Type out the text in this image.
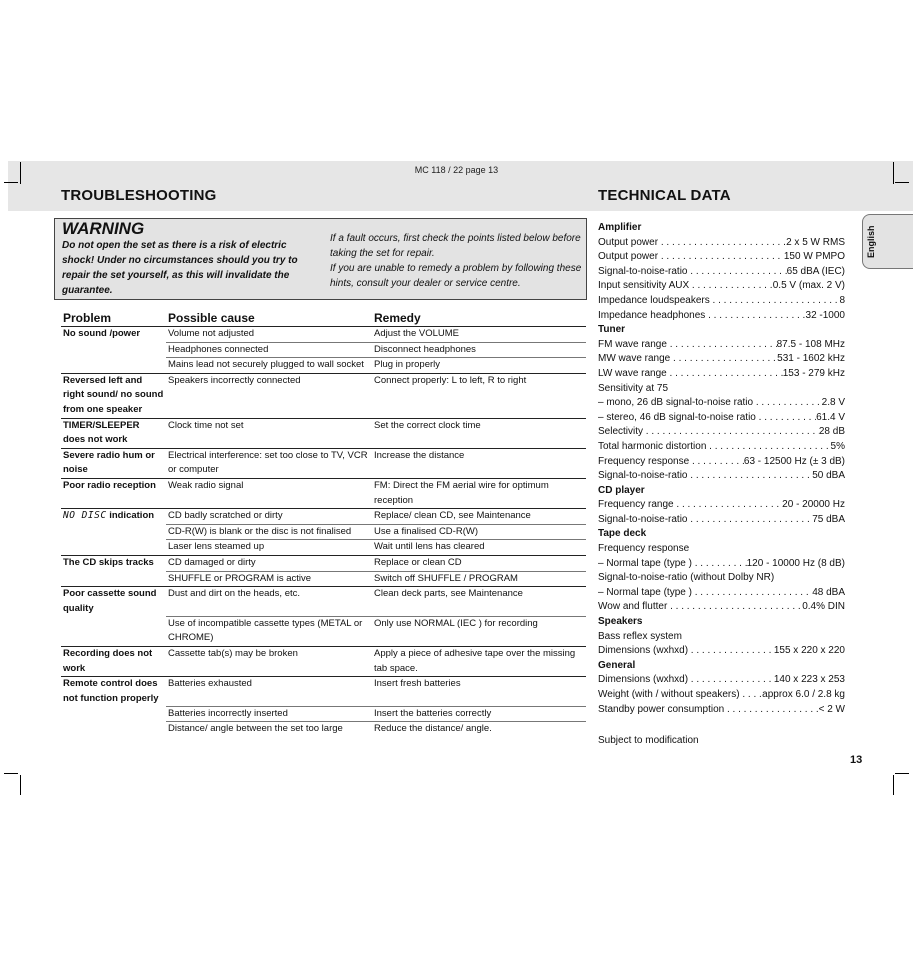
MC 118 / 22 page 13
TROUBLESHOOTING	TECHNICAL DATA
WARNING
Do not open the set as there is a risk of electric shock! Under no circumstances should you try to repair the set yourself, as this will invalidate the guarantee.
If a fault occurs, first check the points listed below before taking the set for repair.
If you are unable to remedy a problem by following these hints, consult your dealer or service centre.
Problem	Possible cause	Remedy
No sound /power	Volume not adjusted	Adjust the VOLUME
	Headphones connected	Disconnect headphones
	Mains lead not securely plugged to wall socket	Plug in properly
Reversed left and right sound/ no sound from one speaker	Speakers incorrectly connected	Connect properly: L to left, R to right
TIMER/SLEEPER does not work	Clock time not set	Set the correct clock time
Severe radio hum or noise	Electrical interference: set too close to TV, VCR or computer	Increase the distance
Poor radio reception	Weak radio signal	FM: Direct the FM aerial wire for optimum reception
NO DISC indication	CD badly scratched or dirty	Replace/ clean CD, see Maintenance
	CD-R(W) is blank or the disc is not finalised	Use a finalised CD-R(W)
	Laser lens steamed up	Wait until lens has cleared
The CD skips tracks	CD damaged or dirty	Replace or clean CD
	SHUFFLE or PROGRAM is active	Switch off SHUFFLE / PROGRAM
Poor cassette sound quality	Dust and dirt on the heads, etc.	Clean deck parts, see Maintenance
	Use of incompatible cassette types (METAL or CHROME)	Only use NORMAL (IEC ) for recording
Recording does not work	Cassette tab(s) may be broken	Apply a piece of adhesive tape over the missing tab space.
Remote control does not function properly	Batteries exhausted	Insert fresh batteries
	Batteries incorrectly inserted	Insert the batteries correctly
	Distance/ angle between the set too large	Reduce the distance/ angle.
Amplifier
Output power . . .	2 x 5 W RMS
Output power . . .	150 W PMPO
Signal-to-noise-ratio . . .	65 dBA (IEC)
Input sensitivity AUX . . .	0.5 V (max. 2 V)
Impedance loudspeakers . . .	8
Impedance headphones . . .	32 -1000
Tuner
FM wave range . . .	87.5 - 108 MHz
MW wave range . . .	531 - 1602 kHz
LW wave range . . .	153 - 279 kHz
Sensitivity at 75
– mono, 26 dB signal-to-noise ratio . . .	2.8 V
– stereo, 46 dB signal-to-noise ratio . . .	61.4 V
Selectivity . . .	28 dB
Total harmonic distortion . . .	5%
Frequency response . . .	63 - 12500 Hz (± 3 dB)
Signal-to-noise-ratio . . .	50 dBA
CD player
Frequency range . . .	20 - 20000 Hz
Signal-to-noise-ratio . . .	75 dBA
Tape deck
Frequency response
– Normal tape (type ) . . .	120 - 10000 Hz (8 dB)
Signal-to-noise-ratio (without Dolby NR)
– Normal tape (type ) . . .	48 dBA
Wow and flutter . . .	0.4% DIN
Speakers
Bass reflex system
Dimensions (wxhxd) . . .	155 x 220 x 220
General
Dimensions (wxhxd) . . .	140 x 223 x 253
Weight (with / without speakers) . . .	approx 6.0 / 2.8 kg
Standby power consumption . . .	< 2 W
Subject to modification
English
13
